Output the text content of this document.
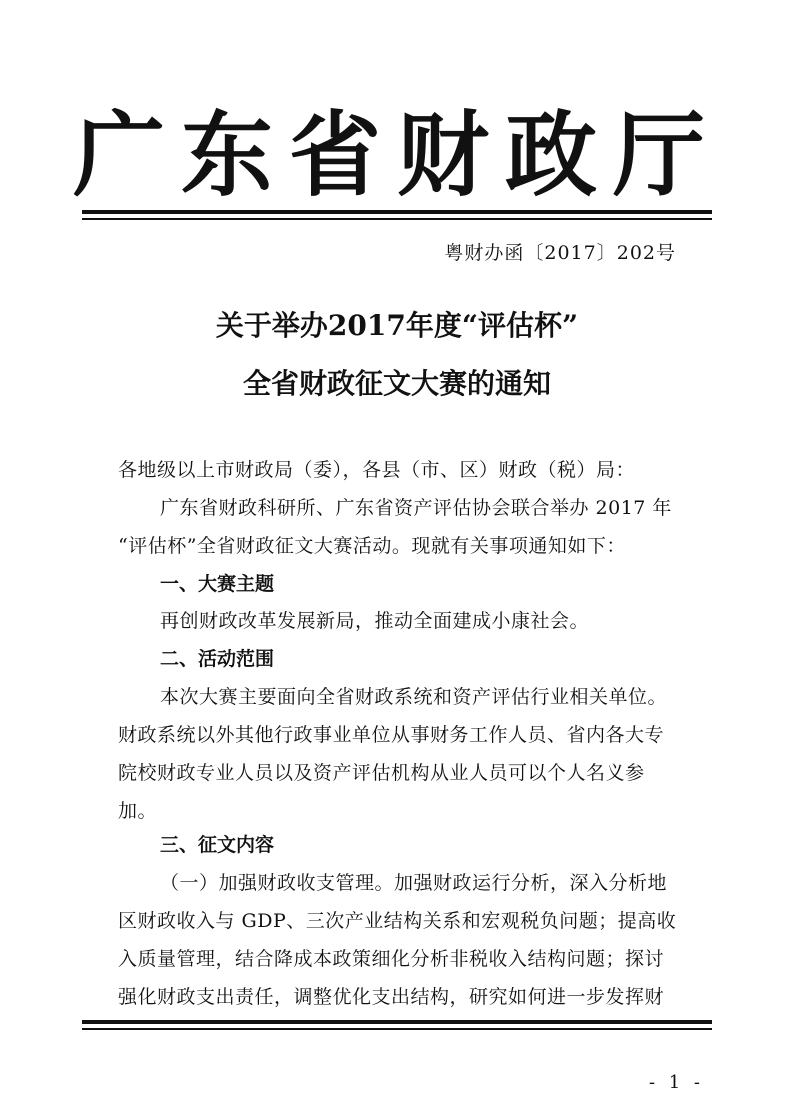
广东省财政厅
粤财办函〔2017〕202号
关于举办2017年度“评估杯”
全省财政征文大赛的通知
各地级以上市财政局（委），各县（市、区）财政（税）局：
广东省财政科研所、广东省资产评估协会联合举办 2017 年
“评估杯”全省财政征文大赛活动。现就有关事项通知如下：
一、大赛主题
再创财政改革发展新局，推动全面建成小康社会。
二、活动范围
本次大赛主要面向全省财政系统和资产评估行业相关单位。
财政系统以外其他行政事业单位从事财务工作人员、省内各大专
院校财政专业人员以及资产评估机构从业人员可以个人名义参
加。
三、征文内容
（一）加强财政收支管理。加强财政运行分析，深入分析地
区财政收入与 GDP、三次产业结构关系和宏观税负问题；提高收
入质量管理，结合降成本政策细化分析非税收入结构问题；探讨
强化财政支出责任，调整优化支出结构，研究如何进一步发挥财
- 1 -
